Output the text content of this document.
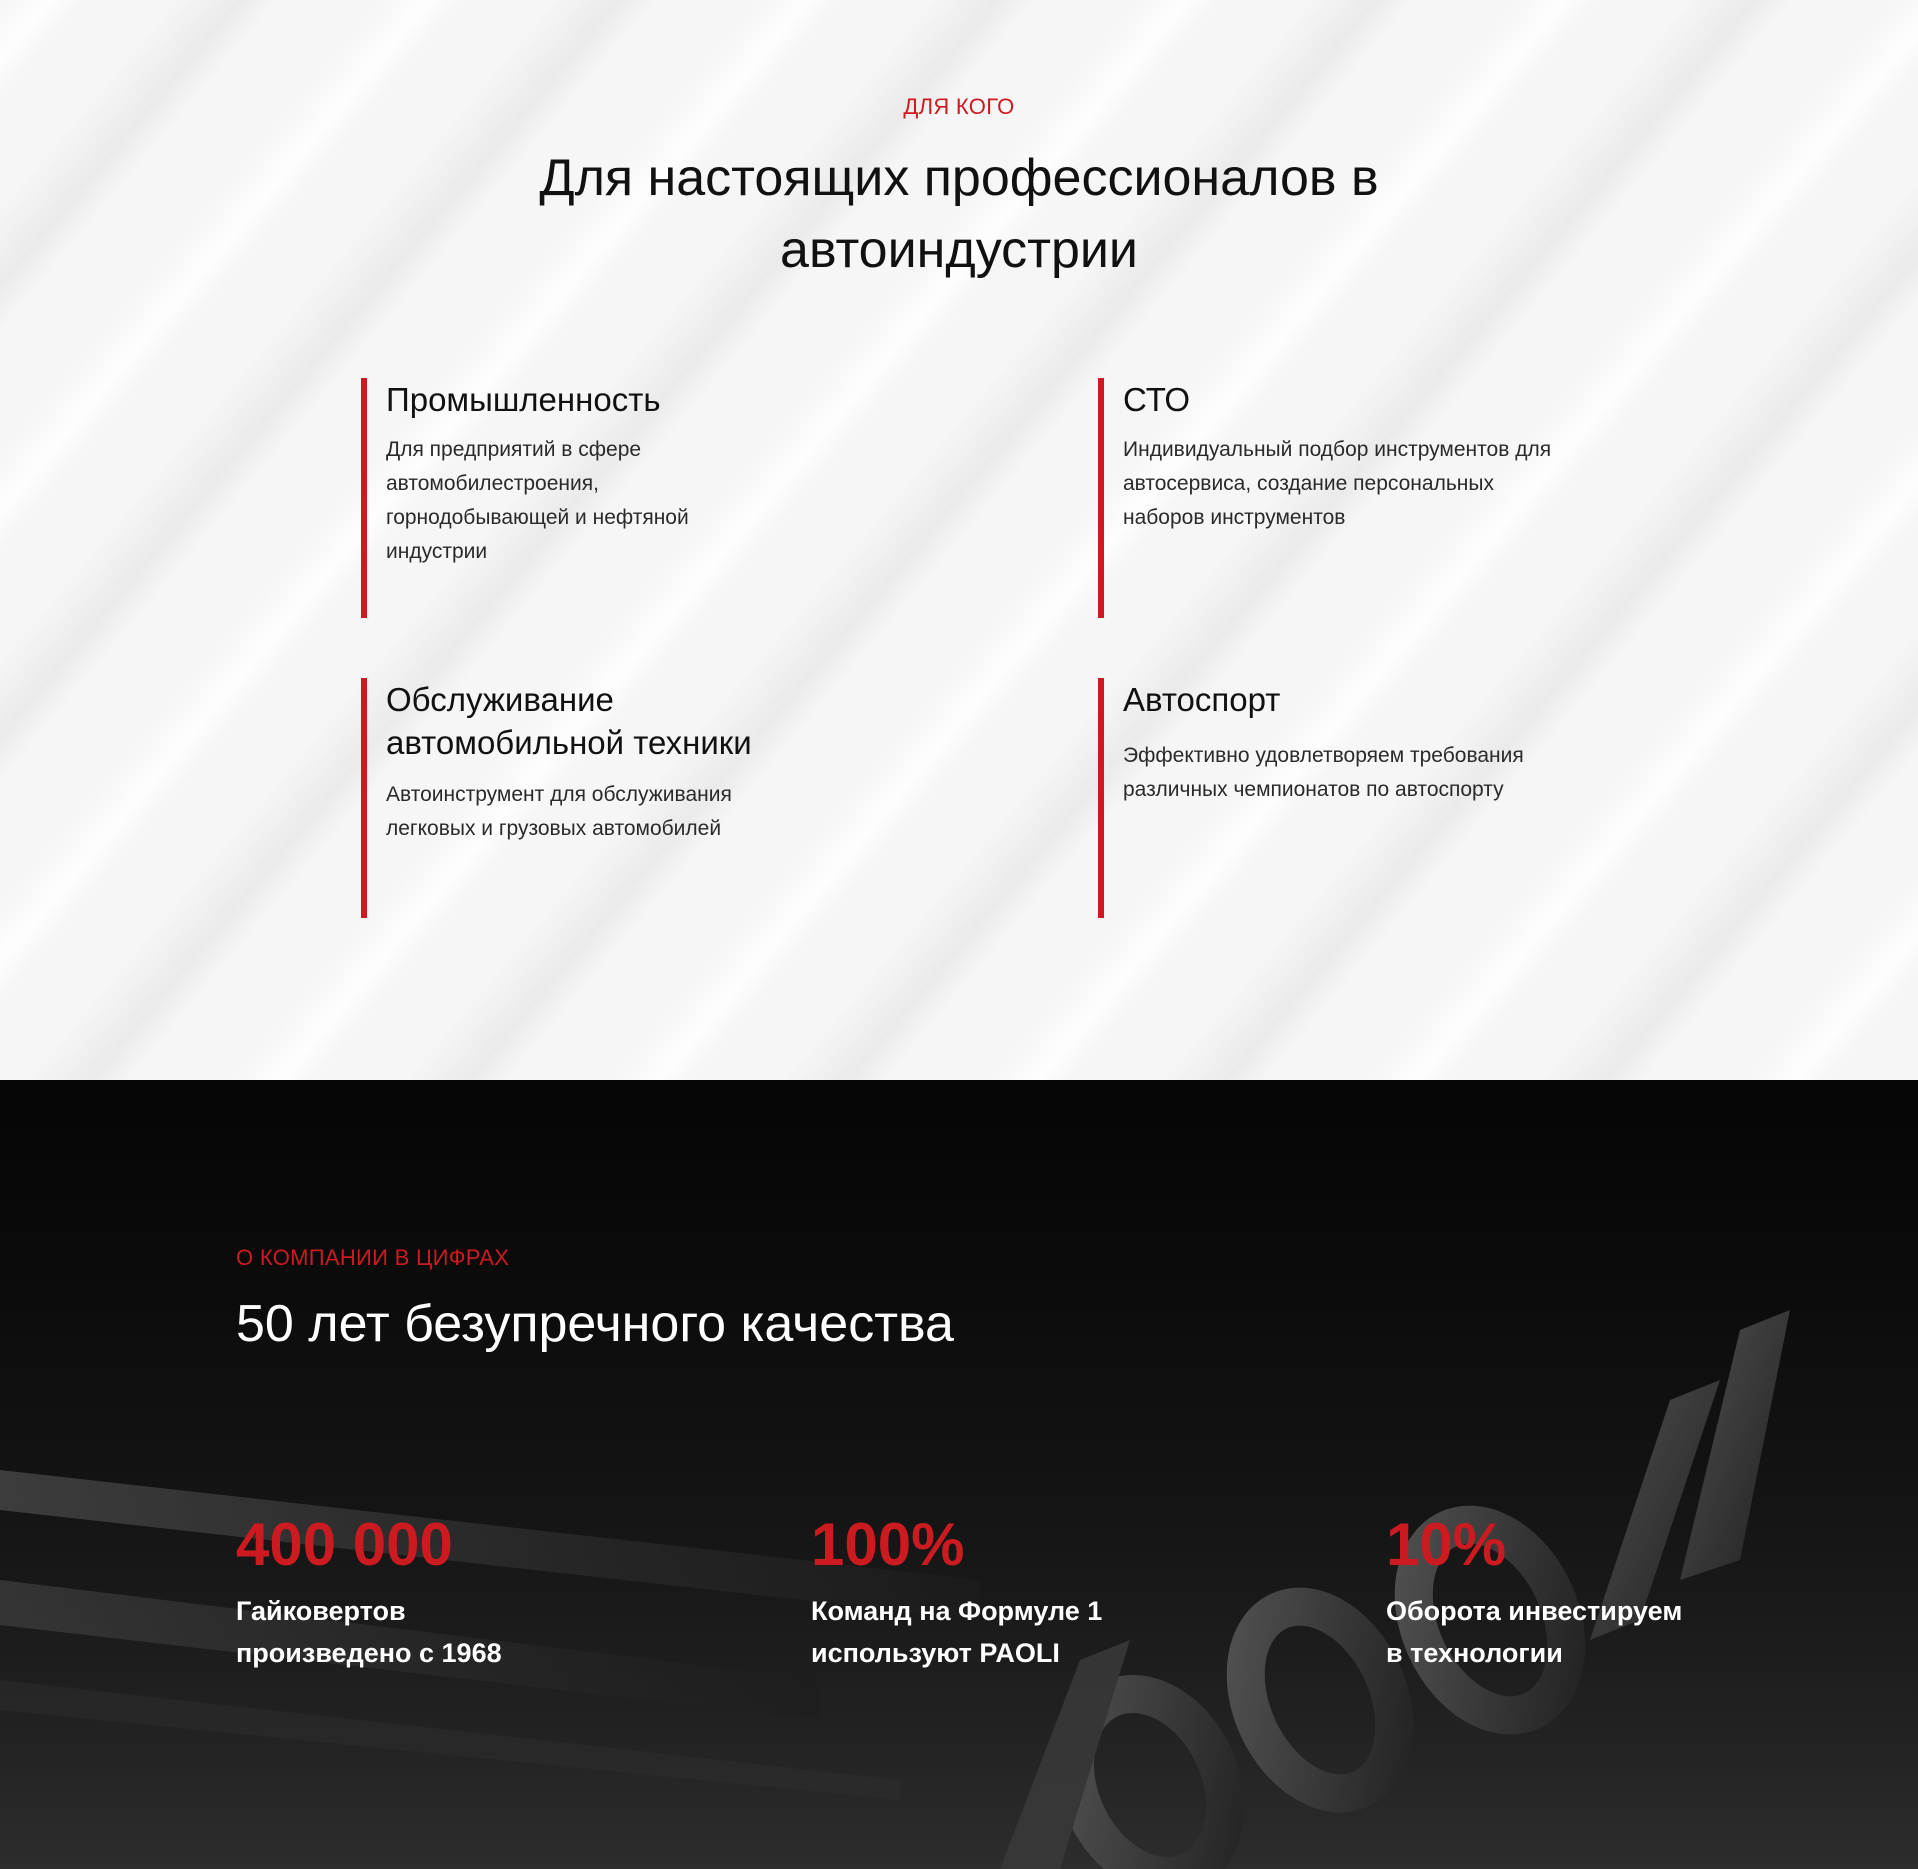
ДЛЯ КОГО
Для настоящих профессионалов в автоиндустрии
Промышленность

Для предприятий в сфере автомобилестроения, горнодобывающей и нефтяной индустрии

СТО

Индивидуальный подбор инструментов для автосервиса, создание персональных наборов инструментов

Обслуживание автомобильной техники

Автоинструмент для обслуживания легковых и грузовых автомобилей

Автоспорт

Эффективно удовлетворяем требования различных чемпионатов по автоспорту

О КОМПАНИИ В ЦИФРАХ
50 лет безупречного качества

400 000

Гайковертов
произведено с 1968

100%

Команд на Формуле 1
используют PAOLI

10%

Оборота инвестируем
в технологии
